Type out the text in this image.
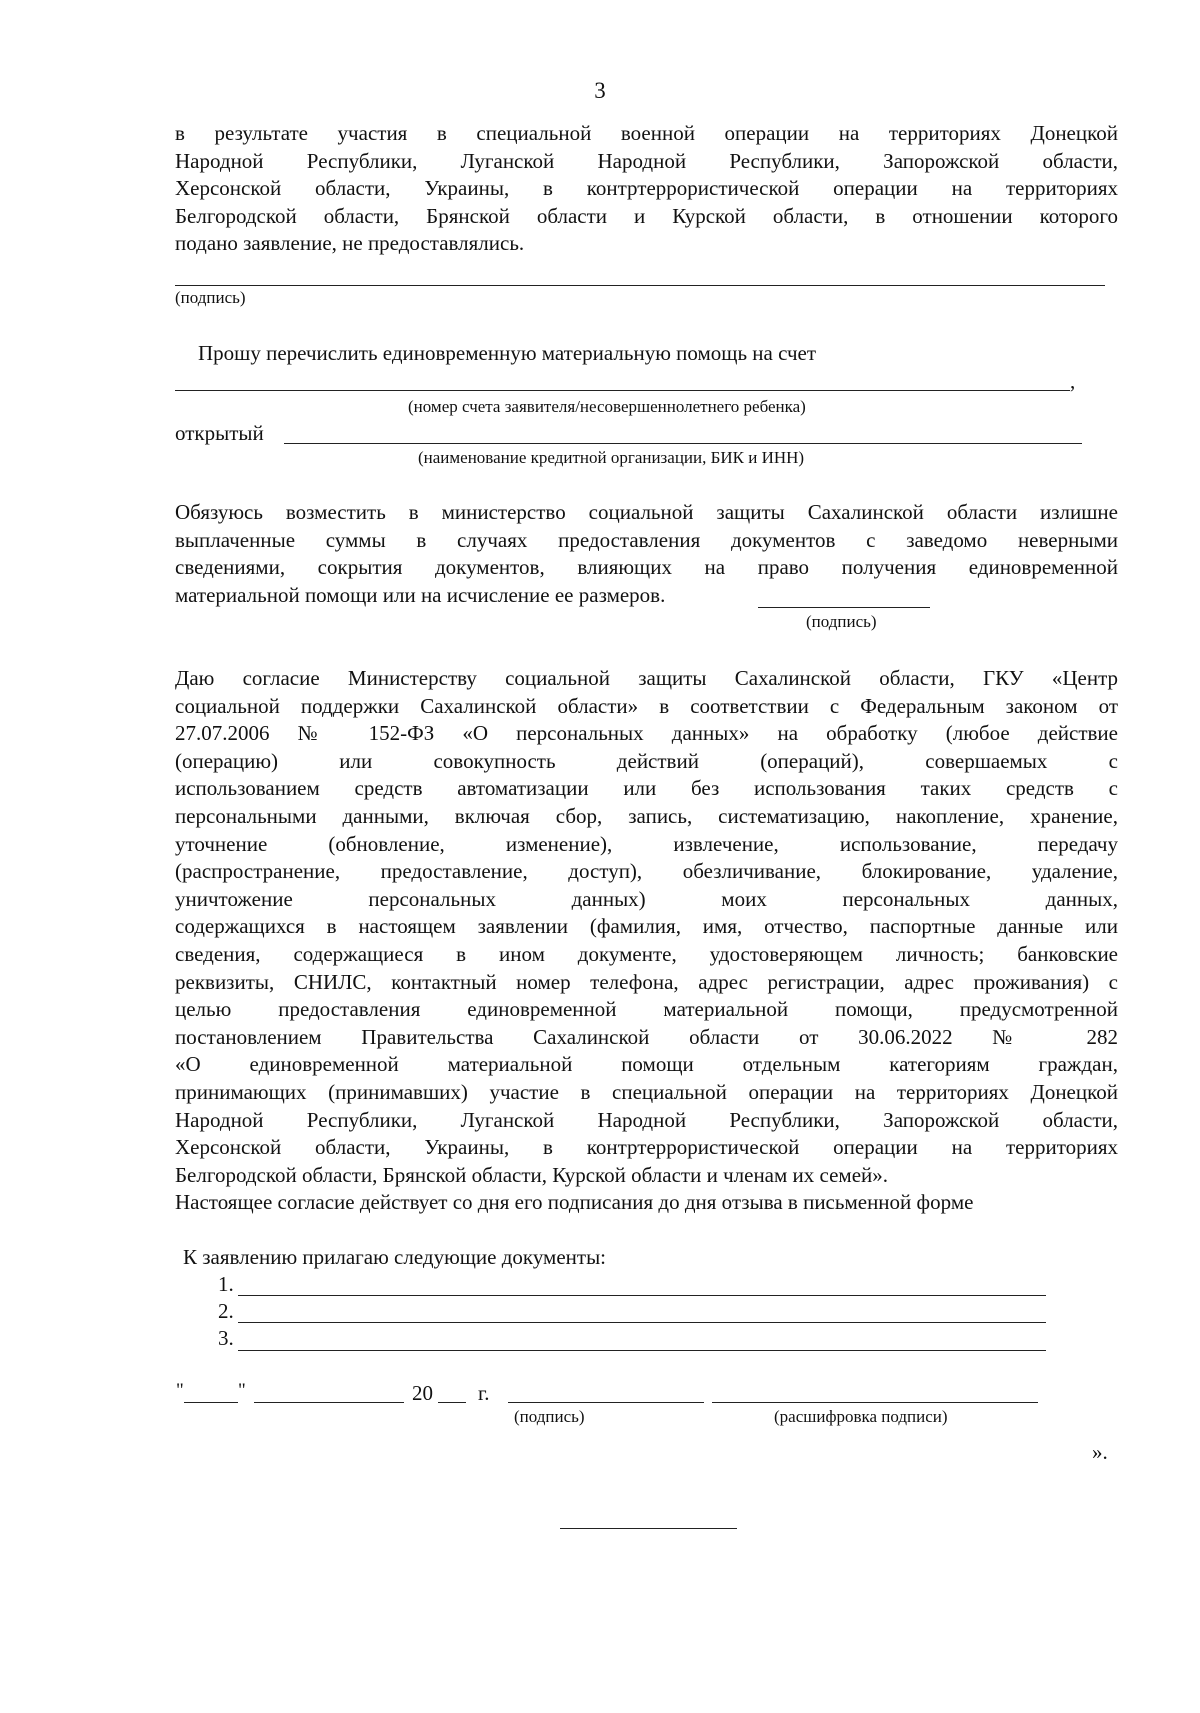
3
в результате участия в специальной военной операции на территориях Донецкой
Народной Республики, Луганской Народной Республики, Запорожской области,
Херсонской области, Украины, в контртеррористической операции на территориях
Белгородской области, Брянской области и Курской области, в отношении которого
подано заявление, не предоставлялись.
(подпись)
Прошу перечислить единовременную материальную помощь на счет
,
(номер счета заявителя/несовершеннолетнего ребенка)
открытый
(наименование кредитной организации, БИК и ИНН)
Обязуюсь возместить в министерство социальной защиты Сахалинской области излишне
выплаченные суммы в случаях предоставления документов с заведомо неверными
сведениями, сокрытия документов, влияющих на право получения единовременной
материальной помощи или на исчисление ее размеров.
(подпись)
Даю согласие Министерству социальной защиты Сахалинской области, ГКУ «Центр
социальной поддержки Сахалинской области» в соответствии с Федеральным законом от
27.07.2006 № 152-ФЗ «О персональных данных» на обработку (любое действие
(операцию) или совокупность действий (операций), совершаемых с
использованием средств автоматизации или без использования таких средств с
персональными данными, включая сбор, запись, систематизацию, накопление, хранение,
уточнение (обновление, изменение), извлечение, использование, передачу
(распространение, предоставление, доступ), обезличивание, блокирование, удаление,
уничтожение персональных данных) моих персональных данных,
содержащихся в настоящем заявлении (фамилия, имя, отчество, паспортные данные или
сведения, содержащиеся в ином документе, удостоверяющем личность; банковские
реквизиты, СНИЛС, контактный номер телефона, адрес регистрации, адрес проживания) с
целью предоставления единовременной материальной помощи, предусмотренной
постановлением Правительства Сахалинской области от 30.06.2022 № 282
«О единовременной материальной помощи отдельным категориям граждан,
принимающих (принимавших) участие в специальной операции на территориях Донецкой
Народной Республики, Луганской Народной Республики, Запорожской области,
Херсонской области, Украины, в контртеррористической операции на территориях
Белгородской области, Брянской области, Курской области и членам их семей».
Настоящее согласие действует со дня его подписания до дня отзыва в письменной форме
К заявлению прилагаю следующие документы:
1.
2.
3.
"	"	20 г.
(подпись)	(расшифровка подписи)
».
